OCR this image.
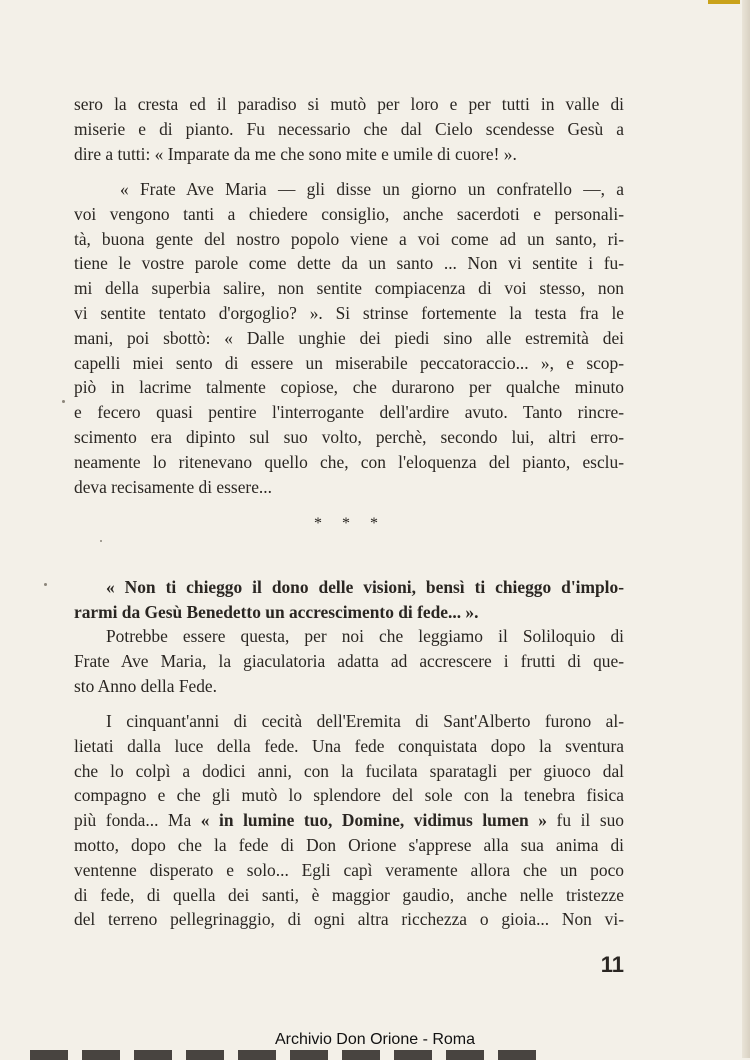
sero la cresta ed il paradiso si mutò per loro e per tutti in valle di
miserie e di pianto. Fu necessario che dal Cielo scendesse Gesù a
dire a tutti: « Imparate da me che sono mite e umile di cuore! ».
« Frate Ave Maria — gli disse un giorno un confratello —, a
voi vengono tanti a chiedere consiglio, anche sacerdoti e personali-
tà, buona gente del nostro popolo viene a voi come ad un santo, ri-
tiene le vostre parole come dette da un santo ... Non vi sentite i fu-
mi della superbia salire, non sentite compiacenza di voi stesso, non
vi sentite tentato d'orgoglio? ». Si strinse fortemente la testa fra le
mani, poi sbottò: « Dalle unghie dei piedi sino alle estremità dei
capelli miei sento di essere un miserabile peccatoraccio... », e scop-
piò in lacrime talmente copiose, che durarono per qualche minuto
e fecero quasi pentire l'interrogante dell'ardire avuto. Tanto rincre-
scimento era dipinto sul suo volto, perchè, secondo lui, altri erro-
neamente lo ritenevano quello che, con l'eloquenza del pianto, esclu-
deva recisamente di essere...
* * *
« Non ti chieggo il dono delle visioni, bensì ti chieggo d'implo-
rarmi da Gesù Benedetto un accrescimento di fede... ».
Potrebbe essere questa, per noi che leggiamo il Soliloquio di
Frate Ave Maria, la giaculatoria adatta ad accrescere i frutti di que-
sto Anno della Fede.
I cinquant'anni di cecità dell'Eremita di Sant'Alberto furono al-
lietati dalla luce della fede. Una fede conquistata dopo la sventura
che lo colpì a dodici anni, con la fucilata sparatagli per giuoco dal
compagno e che gli mutò lo splendore del sole con la tenebra fisica
più fonda... Ma « in lumine tuo, Domine, vidimus lumen » fu il suo
motto, dopo che la fede di Don Orione s'apprese alla sua anima di
ventenne disperato e solo... Egli capì veramente allora che un poco
di fede, di quella dei santi, è maggior gaudio, anche nelle tristezze
del terreno pellegrinaggio, di ogni altra ricchezza o gioia... Non vi-
11
Archivio Don Orione - Roma
